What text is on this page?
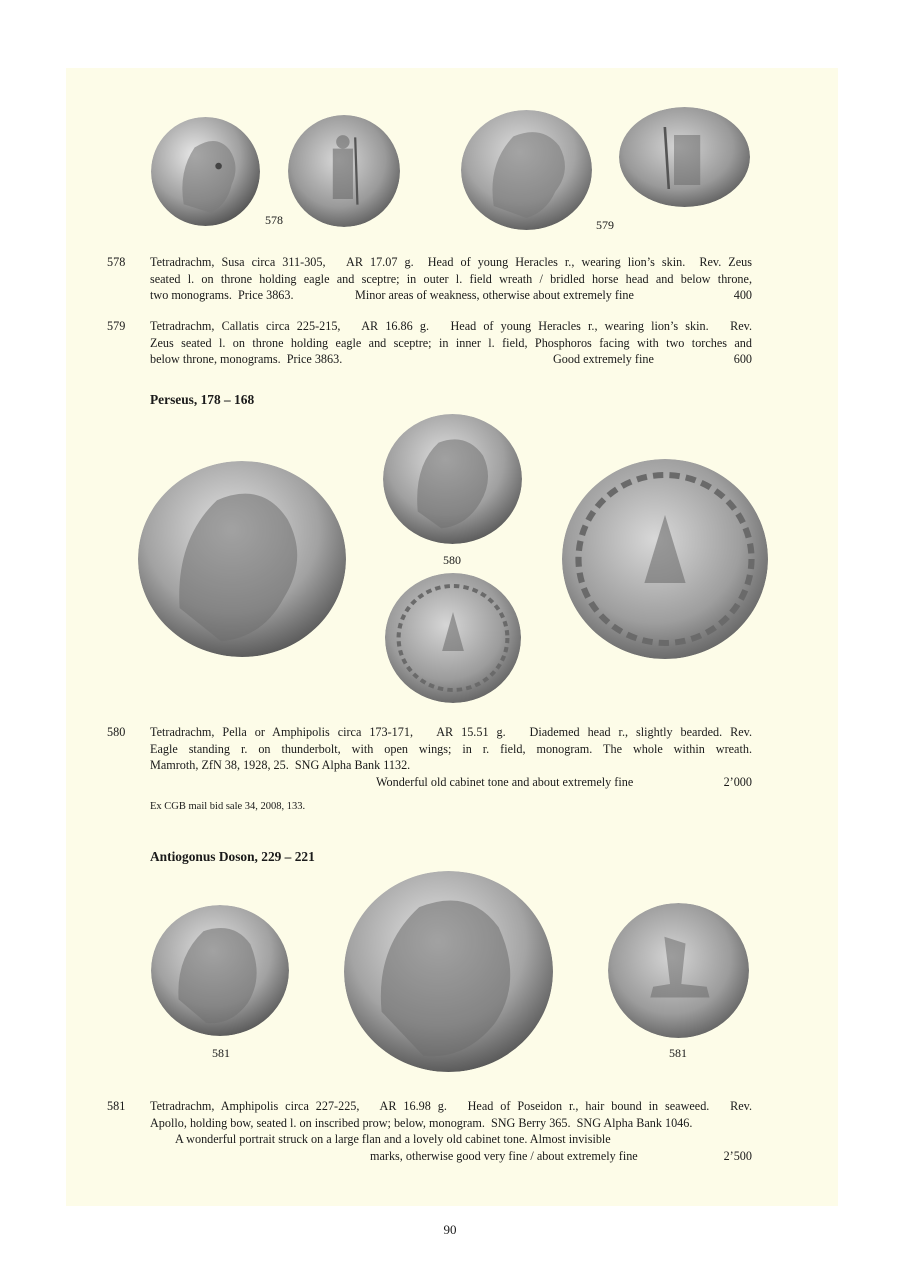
578	579
578 Tetradrachm, Susa circa 311-305,   AR 17.07 g.  Head of young Heracles r., wearing lion’s skin.  Rev. Zeus
seated l. on throne holding eagle and sceptre; in outer l. field wreath / bridled horse head and below throne,
two monograms.  Price 3863.	Minor areas of weakness, otherwise about extremely fine	400
579 Tetradrachm, Callatis circa 225-215,   AR 16.86 g.   Head of young Heracles r., wearing lion’s skin.   Rev.
Zeus seated l. on throne holding eagle and sceptre; in inner l. field, Phosphoros facing with two torches and
below throne, monograms.  Price 3863.	Good extremely fine	600
Perseus, 178 – 168
580
580 Tetradrachm, Pella or Amphipolis circa 173-171,   AR 15.51 g.   Diademed head r., slightly bearded. Rev.
Eagle standing r. on thunderbolt, with open wings; in r. field, monogram. The whole within wreath.
Mamroth, ZfN 38, 1928, 25.  SNG Alpha Bank 1132.
Wonderful old cabinet tone and about extremely fine	2’000
Ex CGB mail bid sale 34, 2008, 133.
Antiogonus Doson, 229 – 221
581	581
581 Tetradrachm, Amphipolis circa 227-225,   AR 16.98 g.   Head of Poseidon r., hair bound in seaweed.   Rev.
Apollo, holding bow, seated l. on inscribed prow; below, monogram.  SNG Berry 365.  SNG Alpha Bank 1046.
A wonderful portrait struck on a large flan and a lovely old cabinet tone. Almost invisible
marks, otherwise good very fine / about extremely fine	2’500
90
